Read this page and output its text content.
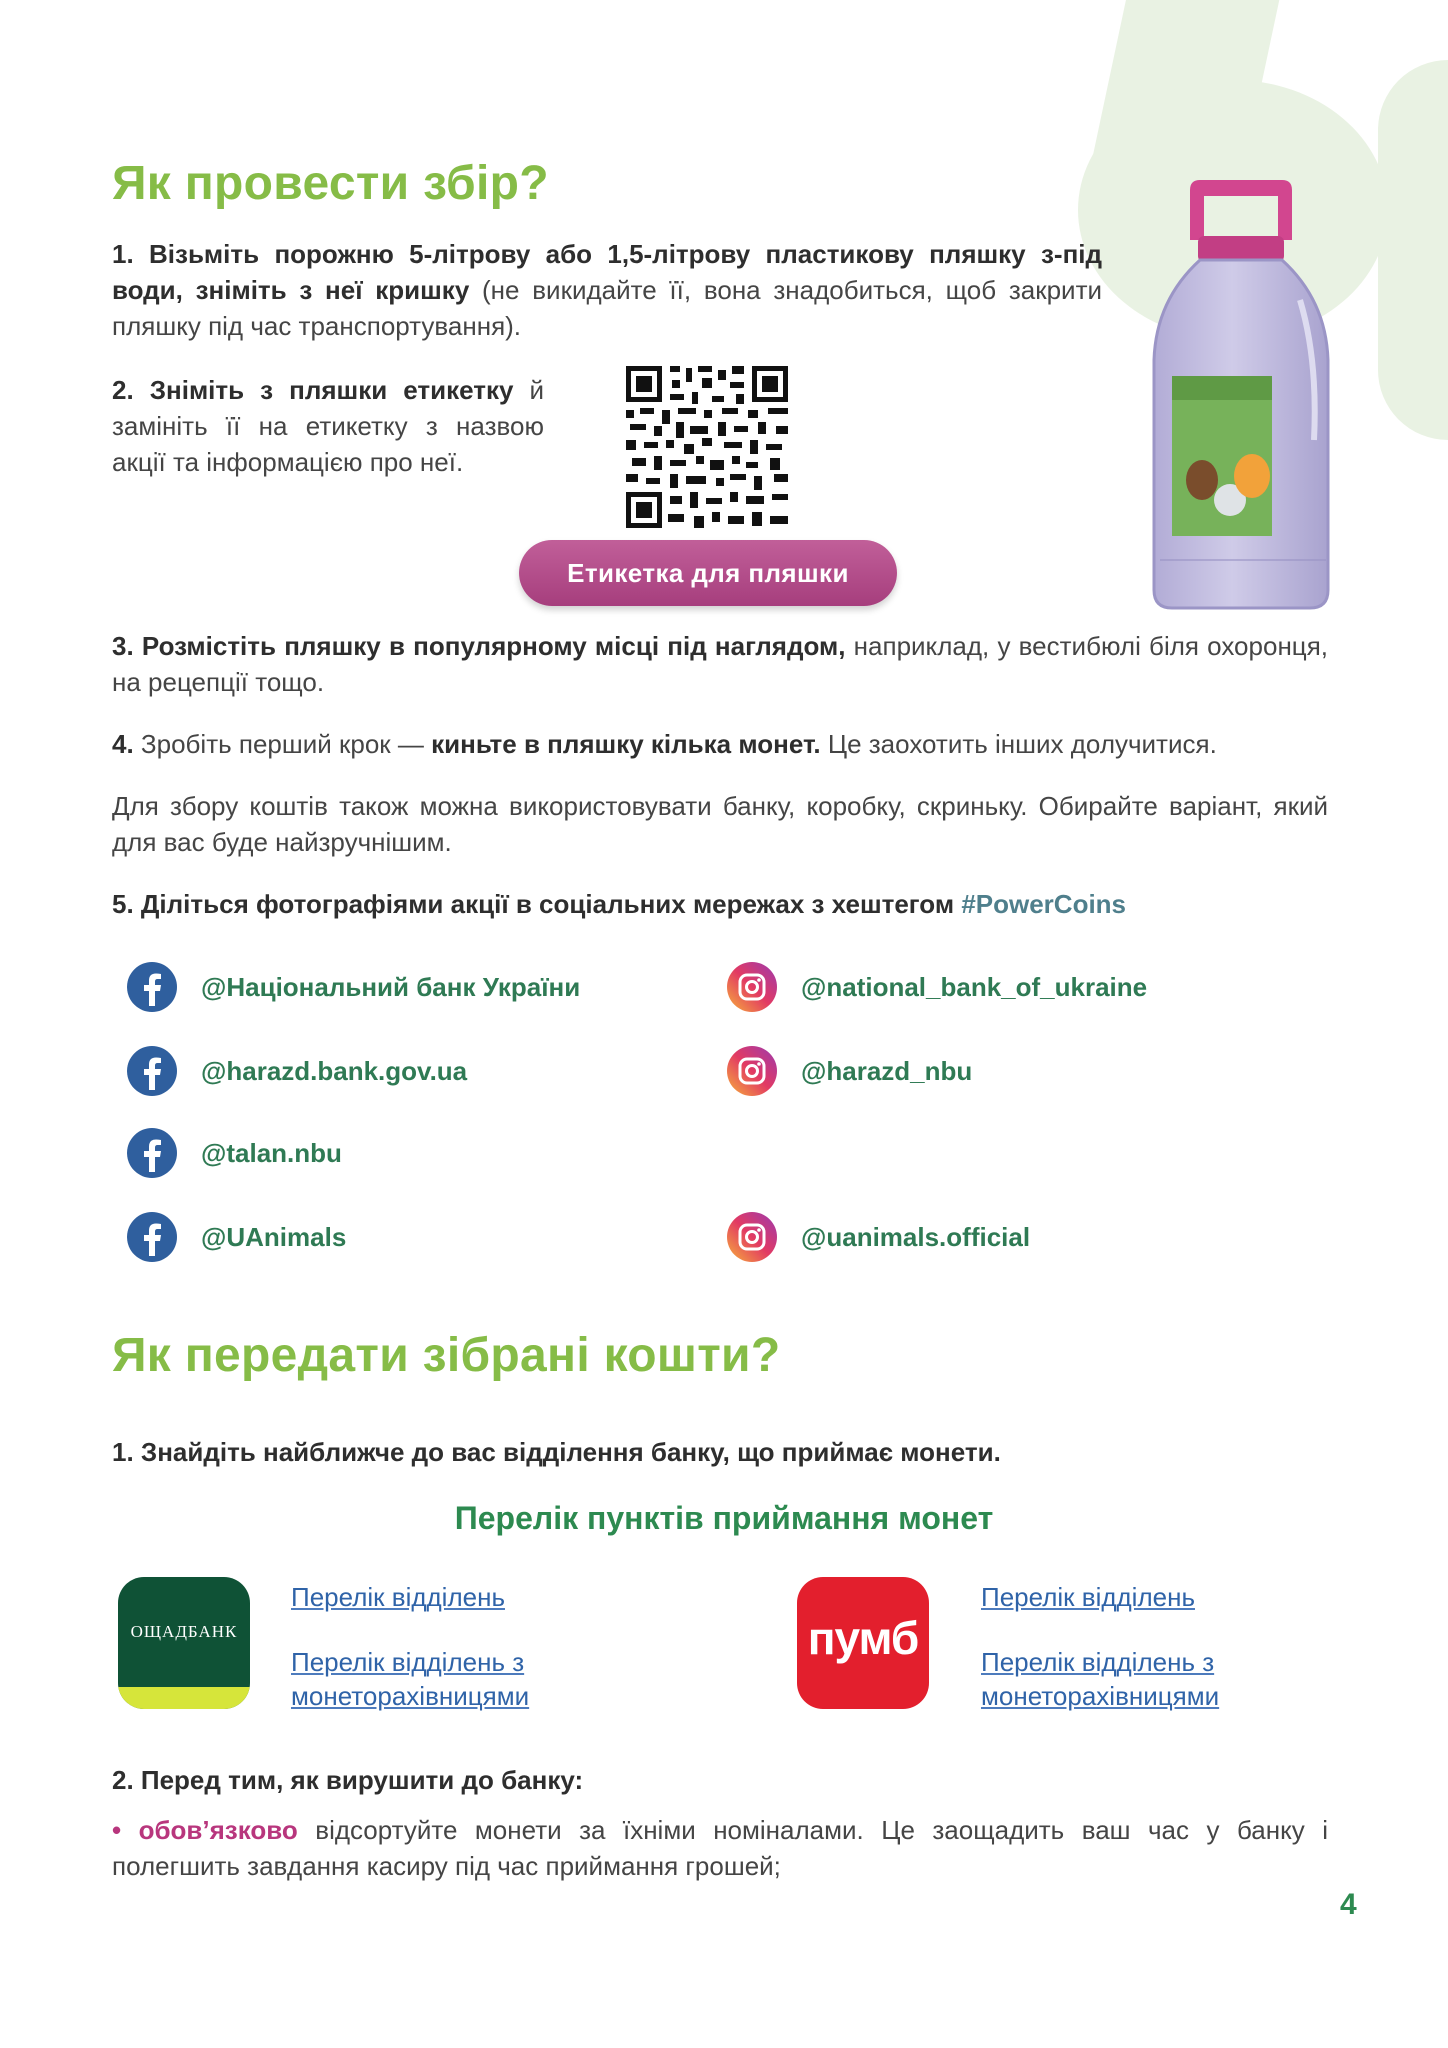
Як провести збір?
1. Візьміть порожню 5-літрову або 1,5-літрову пластикову пляшку з-під води, зніміть з неї кришку (не викидайте її, вона знадобиться, щоб закрити пляшку під час транспортування).
2. Зніміть з пляшки етикетку й замініть її на етикетку з назвою акції та інформацією про неї.
Етикетка для пляшки
3. Розмістіть пляшку в популярному місці під наглядом, наприклад, у вестибюлі біля охоронця, на рецепції тощо.
4. Зробіть перший крок — киньте в пляшку кілька монет. Це заохотить інших долучитися.
Для збору коштів також можна використовувати банку, коробку, скриньку. Обирайте варіант, який для вас буде найзручнішим.
5. Діліться фотографіями акції в соціальних мережах з хештегом #PowerCoins
@Національний банк України	@national_bank_of_ukraine
@harazd.bank.gov.ua	@harazd_nbu
@talan.nbu
@UAnimals	@uanimals.official
Як передати зібрані кошти?
1. Знайдіть найближче до вас відділення банку, що приймає монети.
Перелік пунктів приймання монет
ОЩАДБАНК
Перелік відділень
Перелік відділень з монеторахівницями
пумб
Перелік відділень
Перелік відділень з монеторахівницями
2. Перед тим, як вирушити до банку:
• обов’язково відсортуйте монети за їхніми номіналами. Це заощадить ваш час у банку і полегшить завдання касиру під час приймання грошей;
4
